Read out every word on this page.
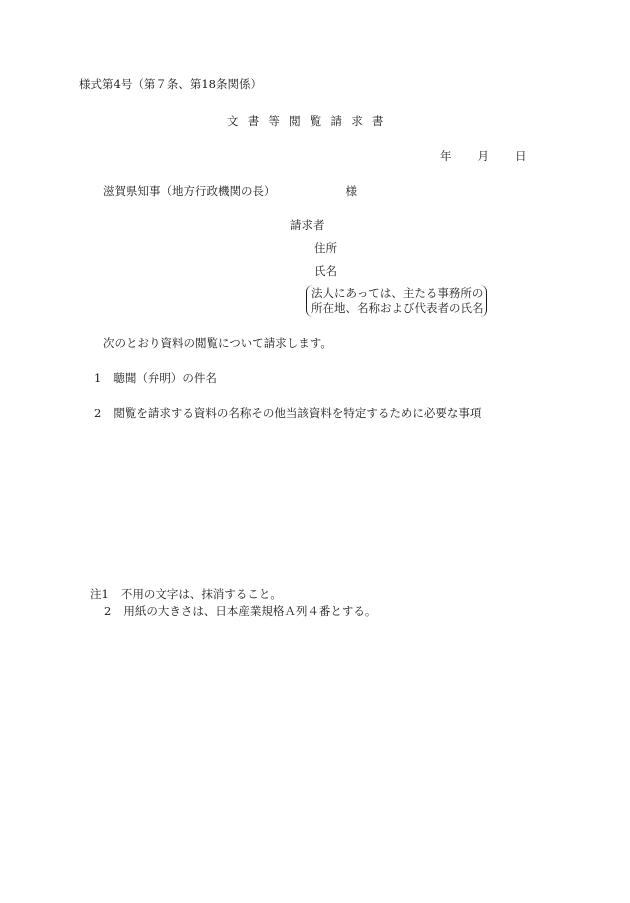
様式第4号（第７条、第18条関係）
文書等閲覧請求書
年 月 日
滋賀県知事（地方行政機関の長）	様
請求者
住所
氏名
法人にあっては、主たる事務所の
所在地、名称および代表者の氏名
次のとおり資料の閲覧について請求します。
1 聴聞（弁明）の件名
2 閲覧を請求する資料の名称その他当該資料を特定するために必要な事項
注1 不用の文字は、抹消すること。
2 用紙の大きさは、日本産業規格Ａ列４番とする。
